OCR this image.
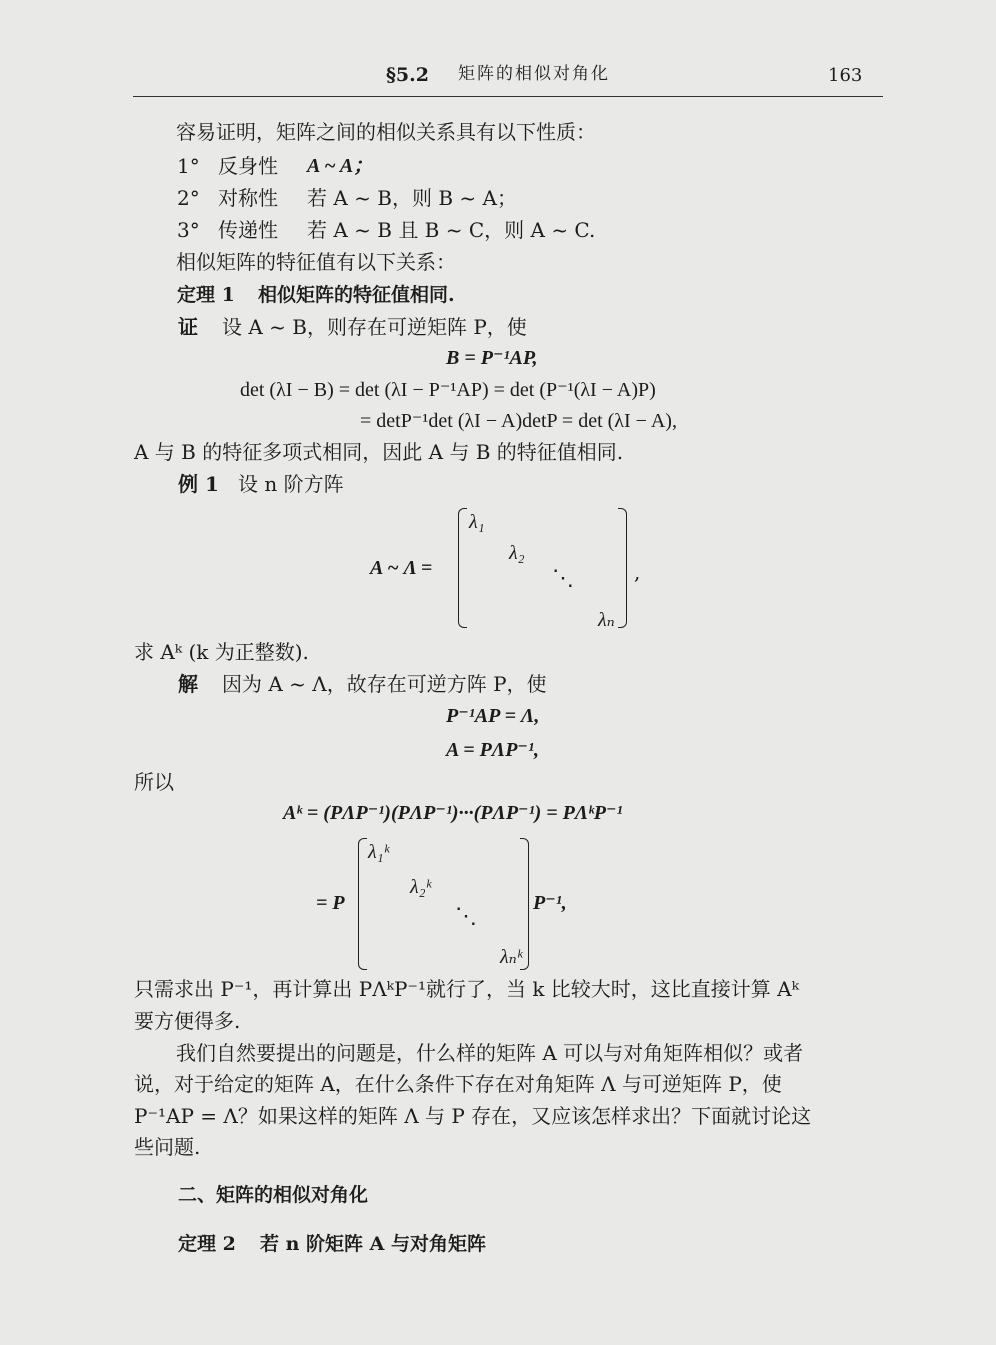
§5.2 矩阵的相似对角化	163
容易证明，矩阵之间的相似关系具有以下性质：
1° 反身性 A ~ A；
2° 对称性 若 A ~ B，则 B ~ A；
3° 传递性 若 A ~ B 且 B ~ C，则 A ~ C.
相似矩阵的特征值有以下关系：
定理 1 相似矩阵的特征值相同.
证 设 A ~ B，则存在可逆矩阵 P，使
B = P⁻¹AP,
det (λI − B) = det (λI − P⁻¹AP) = det (P⁻¹(λI − A)P)
= detP⁻¹det (λI − A)detP = det (λI − A),
A 与 B 的特征多项式相同，因此 A 与 B 的特征值相同.
例 1 设 n 阶方阵
A ~ Λ =
λ₁
λ₂
⋱
λₙ
,
求 Aᵏ (k 为正整数).
解 因为 A ~ Λ，故存在可逆方阵 P，使
P⁻¹AP = Λ,
A = PΛP⁻¹,
所以
Aᵏ = (PΛP⁻¹)(PΛP⁻¹)···(PΛP⁻¹) = PΛᵏP⁻¹
= P
λ₁ᵏ
λ₂ᵏ
⋱
λₙᵏ
P⁻¹,
只需求出 P⁻¹，再计算出 PΛᵏP⁻¹就行了，当 k 比较大时，这比直接计算 Aᵏ
要方便得多.
我们自然要提出的问题是，什么样的矩阵 A 可以与对角矩阵相似？或者
说，对于给定的矩阵 A，在什么条件下存在对角矩阵 Λ 与可逆矩阵 P，使
P⁻¹AP = Λ？如果这样的矩阵 Λ 与 P 存在，又应该怎样求出？下面就讨论这
些问题.
二、矩阵的相似对角化
定理 2 若 n 阶矩阵 A 与对角矩阵
